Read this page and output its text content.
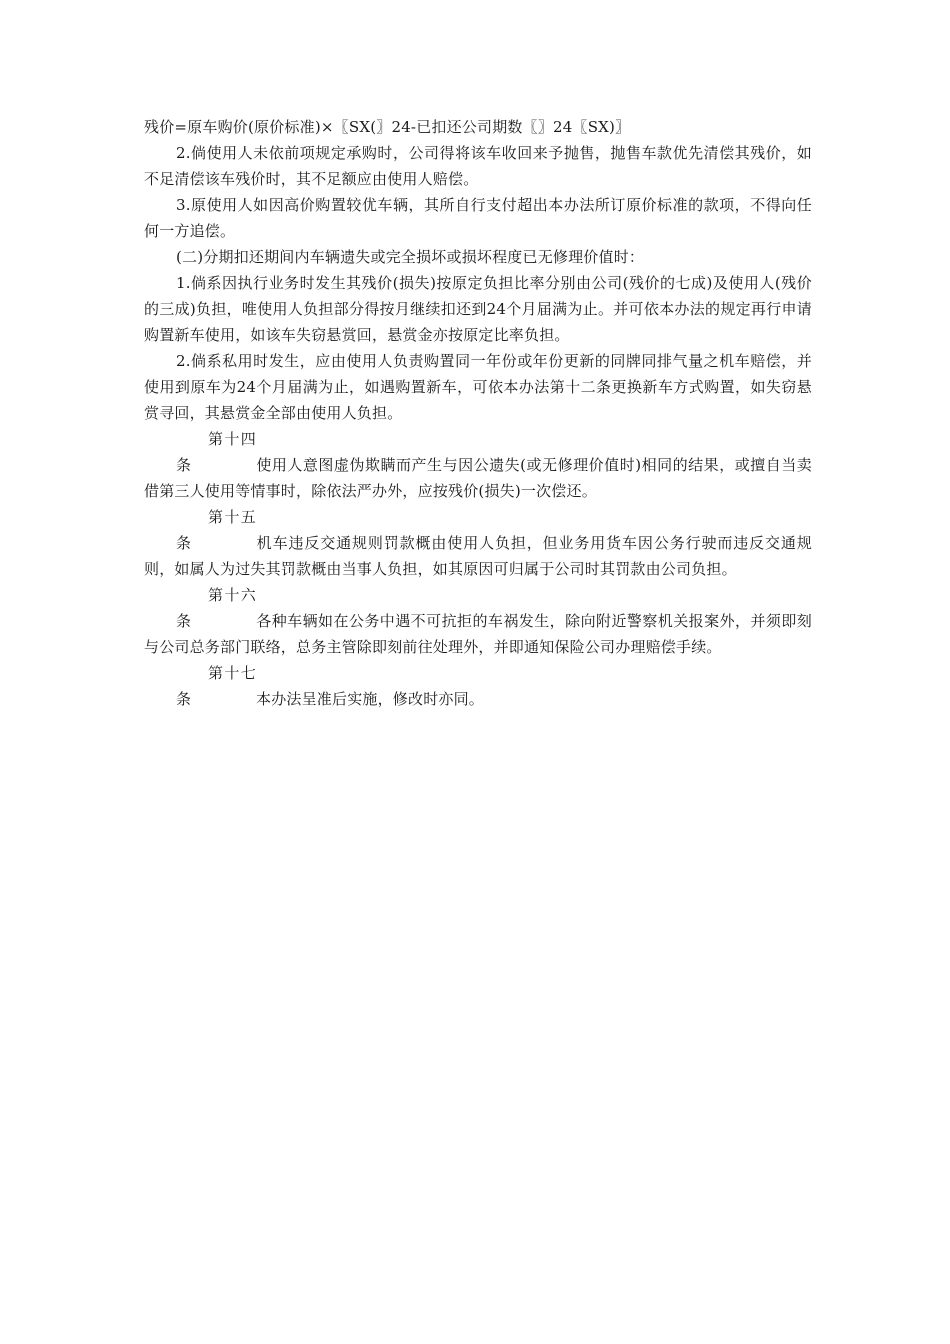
残价=原车购价(原价标准)×〖SX(〗24-已扣还公司期数〖〗24〖SX)〗

2.倘使用人未依前项规定承购时，公司得将该车收回来予抛售，抛售车款优先清偿其残价，如不足清偿该车残价时，其不足额应由使用人赔偿。

3.原使用人如因高价购置较优车辆，其所自行支付超出本办法所订原价标准的款项，不得向任何一方追偿。

(二)分期扣还期间内车辆遗失或完全损坏或损坏程度已无修理价值时：

1.倘系因执行业务时发生其残价(损失)按原定负担比率分别由公司(残价的七成)及使用人(残价的三成)负担，唯使用人负担部分得按月继续扣还到24个月届满为止。并可依本办法的规定再行申请购置新车使用，如该车失窃悬赏回，悬赏金亦按原定比率负担。

2.倘系私用时发生，应由使用人负责购置同一年份或年份更新的同牌同排气量之机车赔偿，并使用到原车为24个月届满为止，如遇购置新车，可依本办法第十二条更换新车方式购置，如失窃悬赏寻回，其悬赏金全部由使用人负担。

第十四条	使用人意图虚伪欺瞒而产生与因公遗失(或无修理价值时)相同的结果，或擅自当卖借第三人使用等情事时，除依法严办外，应按残价(损失)一次偿还。

第十五条	机车违反交通规则罚款概由使用人负担，但业务用货车因公务行驶而违反交通规则，如属人为过失其罚款概由当事人负担，如其原因可归属于公司时其罚款由公司负担。

第十六条	各种车辆如在公务中遇不可抗拒的车祸发生，除向附近警察机关报案外，并须即刻与公司总务部门联络，总务主管除即刻前往处理外，并即通知保险公司办理赔偿手续。

第十七条	本办法呈准后实施，修改时亦同。
